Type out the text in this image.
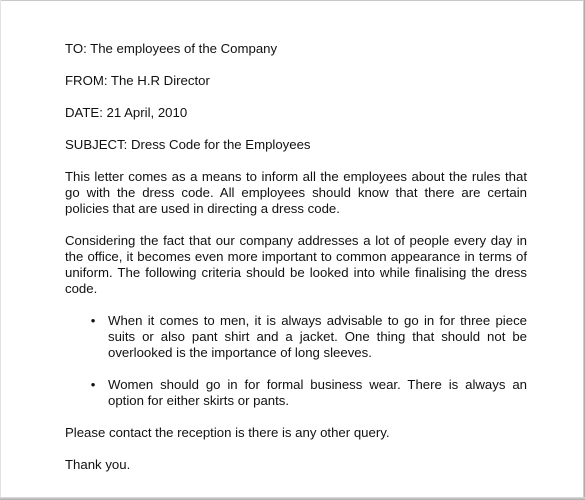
TO: The employees of the Company
FROM: The H.R Director
DATE: 21 April, 2010
SUBJECT: Dress Code for the Employees
This letter comes as a means to inform all the employees about the rules that go with the dress code. All employees should know that there are certain policies that are used in directing a dress code.
Considering the fact that our company addresses a lot of people every day in the office, it becomes even more important to common appearance in terms of uniform. The following criteria should be looked into while finalising the dress code.
• When it comes to men, it is always advisable to go in for three piece suits or also pant shirt and a jacket. One thing that should not be overlooked is the importance of long sleeves.
• Women should go in for formal business wear. There is always an option for either skirts or pants.
Please contact the reception is there is any other query.
Thank you.
